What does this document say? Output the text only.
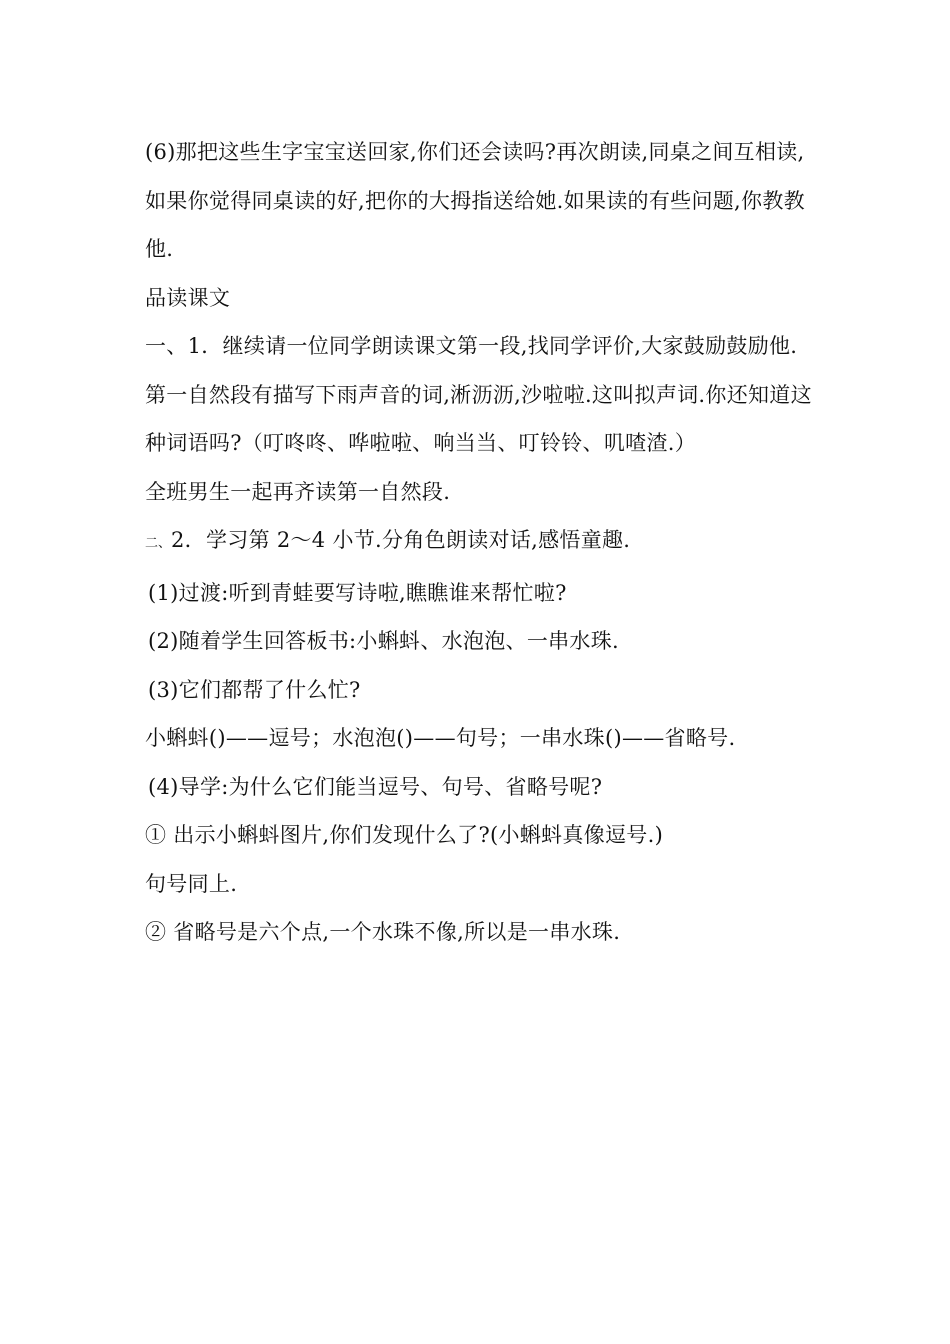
(6)那把这些生字宝宝送回家,你们还会读吗?再次朗读,同桌之间互相读,如果你觉得同桌读的好,把你的大拇指送给她.如果读的有些问题,你教教他.

品读课文

一、1．继续请一位同学朗读课文第一段,找同学评价,大家鼓励鼓励他.第一自然段有描写下雨声音的词,淅沥沥,沙啦啦.这叫拟声词.你还知道这种词语吗?（叮咚咚、哗啦啦、响当当、叮铃铃、叽喳渣.）

全班男生一起再齐读第一自然段.

二、2．学习第 2～4 小节.分角色朗读对话,感悟童趣.

(1)过渡:听到青蛙要写诗啦,瞧瞧谁来帮忙啦?

(2)随着学生回答板书:小蝌蚪、水泡泡、一串水珠.

(3)它们都帮了什么忙?

小蝌蚪()——逗号；水泡泡()——句号；一串水珠()——省略号.

(4)导学:为什么它们能当逗号、句号、省略号呢?

① 出示小蝌蚪图片,你们发现什么了?(小蝌蚪真像逗号.)

句号同上.

② 省略号是六个点,一个水珠不像,所以是一串水珠.
